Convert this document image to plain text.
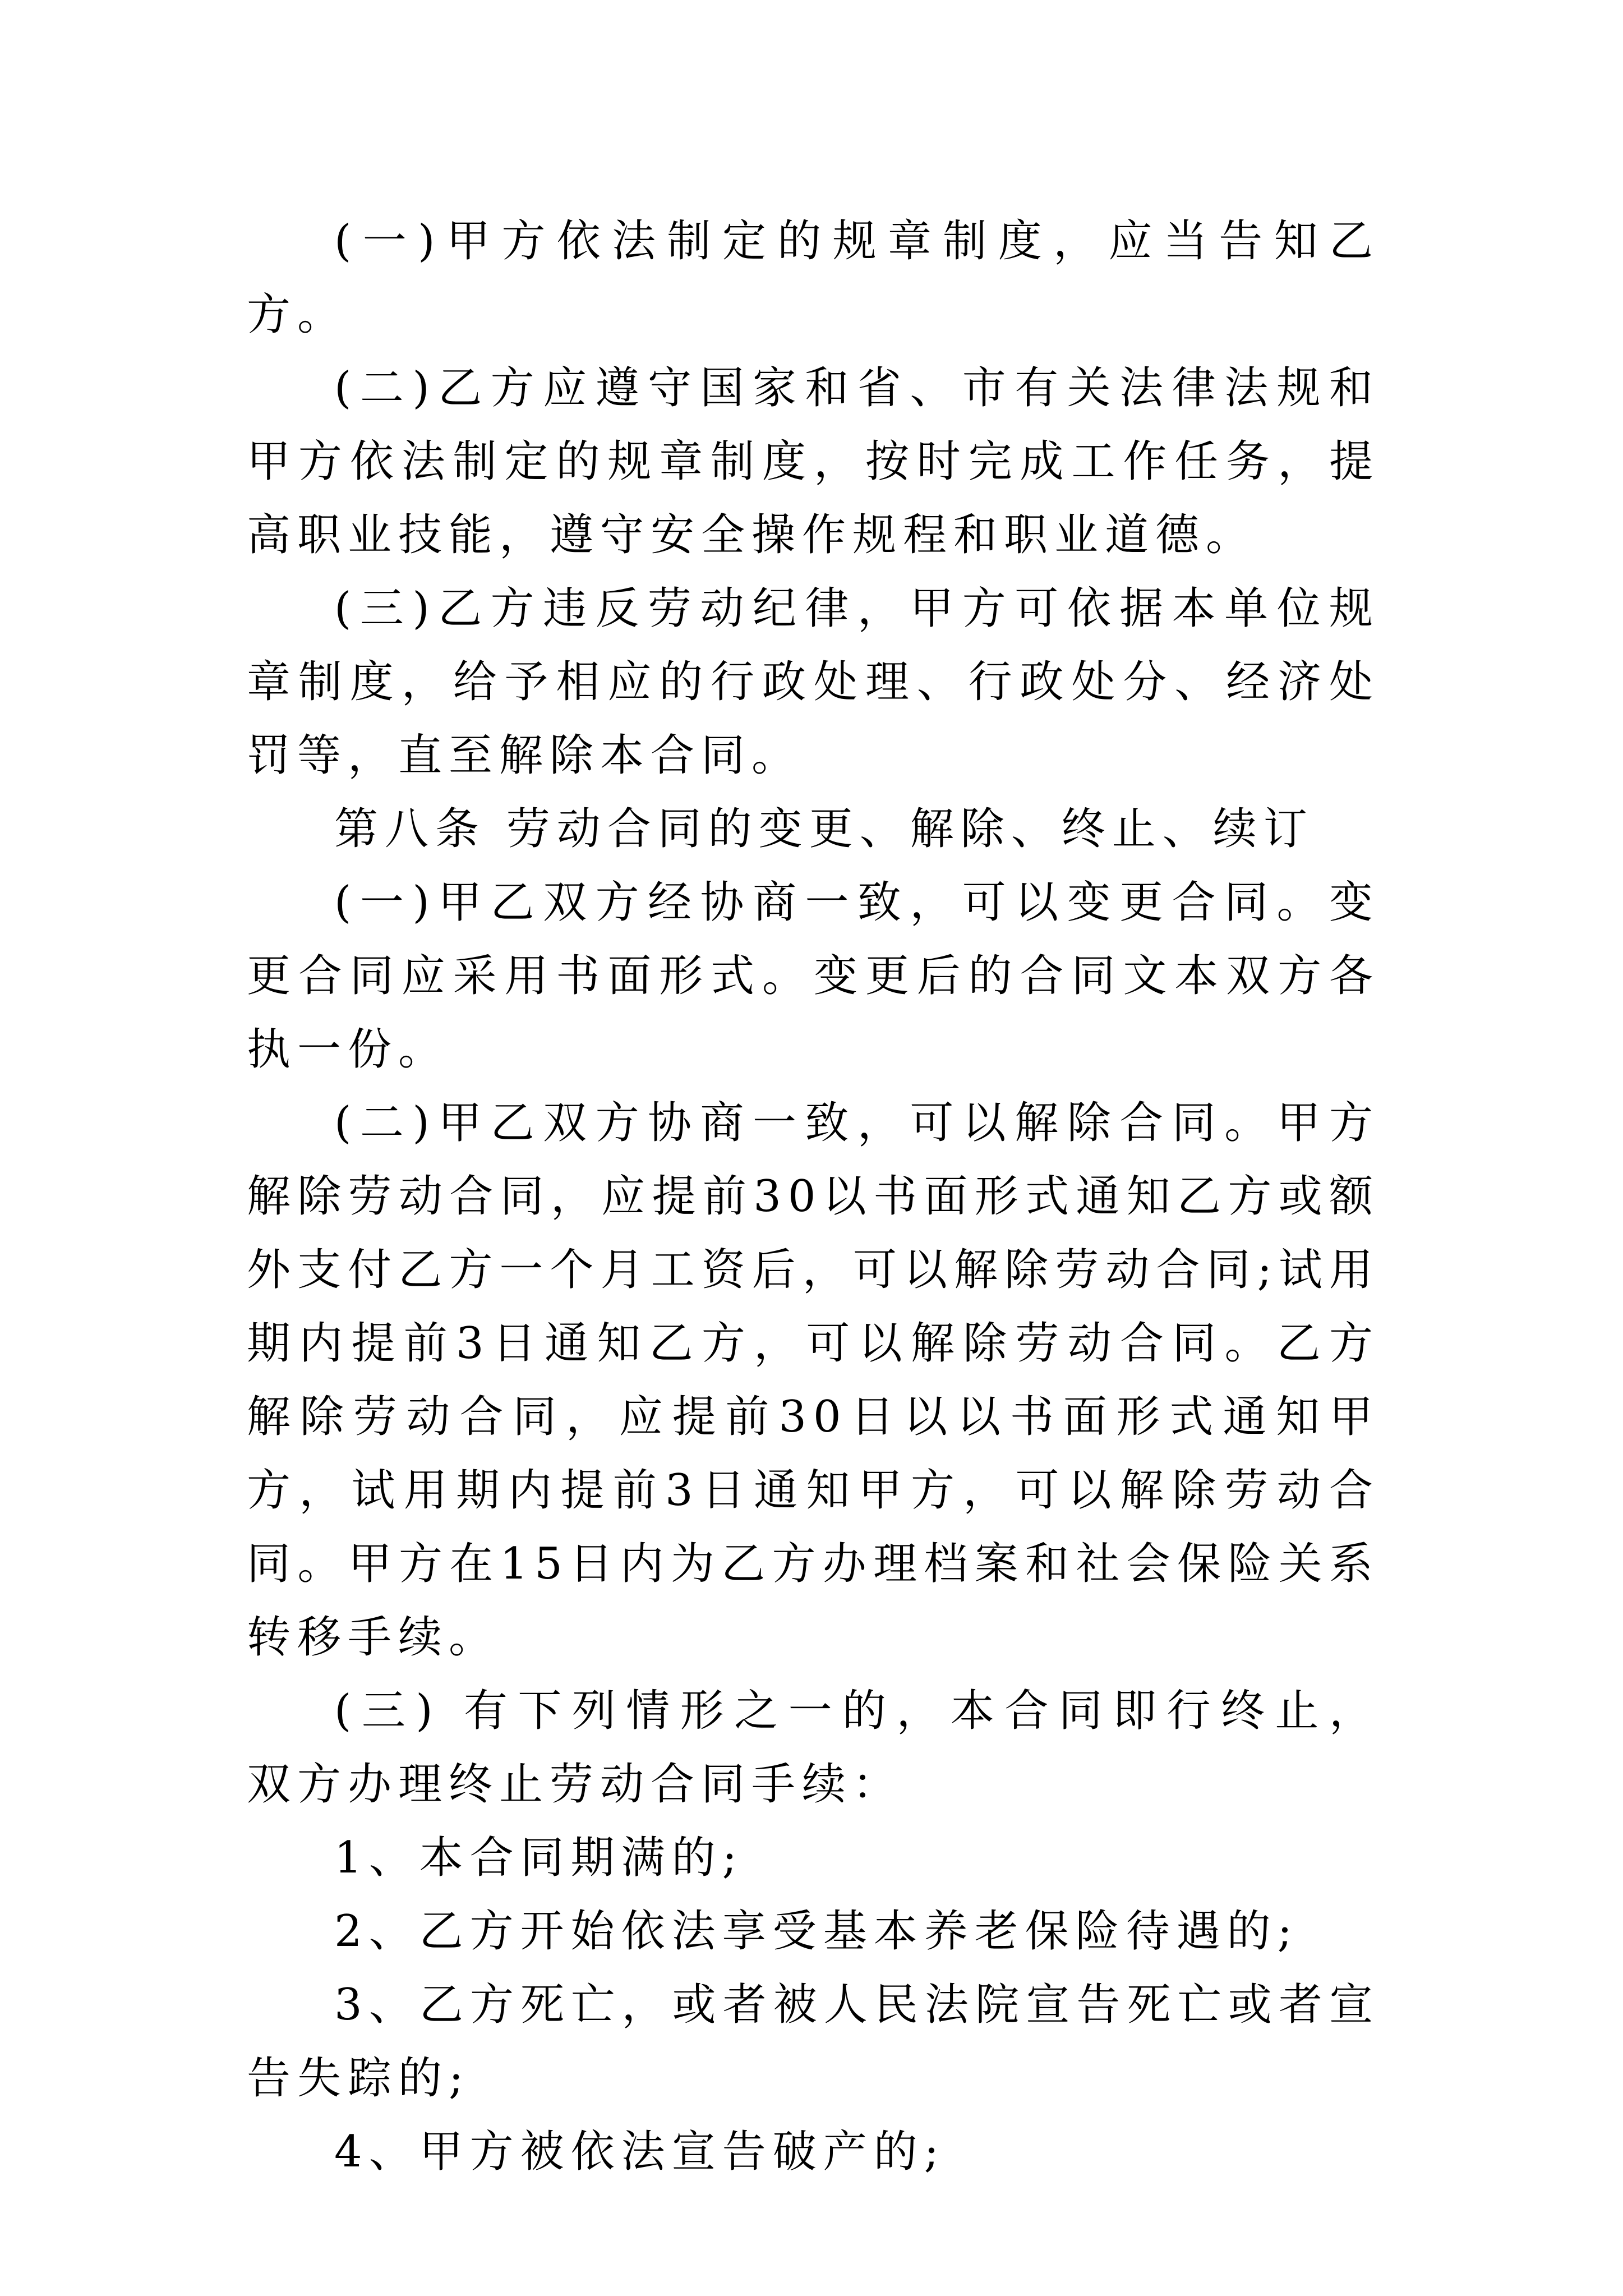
(一)甲方依法制定的规章制度，应当告知乙方。

(二)乙方应遵守国家和省、市有关法律法规和甲方依法制定的规章制度，按时完成工作任务，提高职业技能，遵守安全操作规程和职业道德。

(三)乙方违反劳动纪律，甲方可依据本单位规章制度，给予相应的行政处理、行政处分、经济处罚等，直至解除本合同。

第八条 劳动合同的变更、解除、终止、续订

(一)甲乙双方经协商一致，可以变更合同。变更合同应采用书面形式。变更后的合同文本双方各执一份。

(二)甲乙双方协商一致，可以解除合同。甲方解除劳动合同，应提前30以书面形式通知乙方或额外支付乙方一个月工资后，可以解除劳动合同;试用期内提前3日通知乙方，可以解除劳动合同。乙方解除劳动合同，应提前30日以以书面形式通知甲方，试用期内提前3日通知甲方，可以解除劳动合同。甲方在15日内为乙方办理档案和社会保险关系转移手续。

(三) 有下列情形之一的，本合同即行终止， 双方办理终止劳动合同手续：

1、本合同期满的;

2、乙方开始依法享受基本养老保险待遇的;

3、乙方死亡，或者被人民法院宣告死亡或者宣告失踪的;

4、甲方被依法宣告破产的;
